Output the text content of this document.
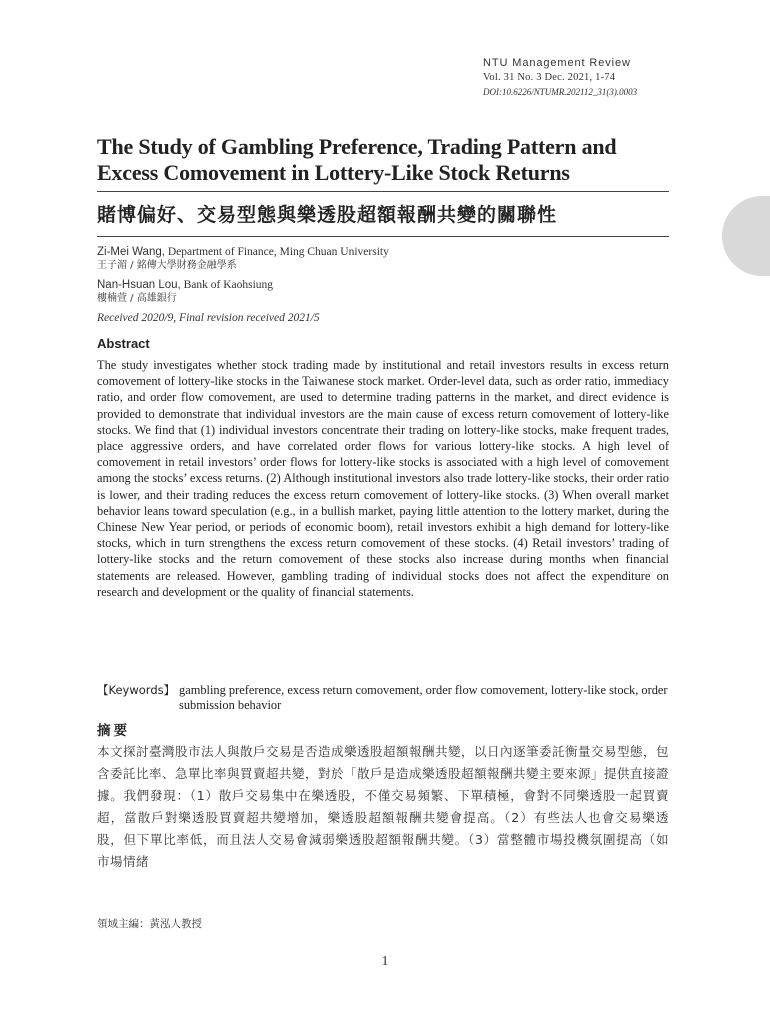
NTU Management Review
Vol. 31 No. 3 Dec. 2021, 1-74
DOI:10.6226/NTUMR.202112_31(3).0003
The Study of Gambling Preference, Trading Pattern and
Excess Comovement in Lottery-Like Stock Returns
賭博偏好、交易型態與樂透股超額報酬共變的關聯性
Zi-Mei Wang, Department of Finance, Ming Chuan University
王子湄 / 銘傳大學財務金融學系
Nan-Hsuan Lou, Bank of Kaohsiung
樓楠萱 / 高雄銀行
Received 2020/9, Final revision received 2021/5
Abstract
The study investigates whether stock trading made by institutional and retail investors results in excess return comovement of lottery-like stocks in the Taiwanese stock market. Order-level data, such as order ratio, immediacy ratio, and order flow comovement, are used to determine trading patterns in the market, and direct evidence is provided to demonstrate that individual investors are the main cause of excess return comovement of lottery-like stocks. We find that (1) individual investors concentrate their trading on lottery-like stocks, make frequent trades, place aggressive orders, and have correlated order flows for various lottery-like stocks. A high level of comovement in retail investors’ order flows for lottery-like stocks is associated with a high level of comovement among the stocks’ excess returns. (2) Although institutional investors also trade lottery-like stocks, their order ratio is lower, and their trading reduces the excess return comovement of lottery-like stocks. (3) When overall market behavior leans toward speculation (e.g., in a bullish market, paying little attention to the lottery market, during the Chinese New Year period, or periods of economic boom), retail investors exhibit a high demand for lottery-like stocks, which in turn strengthens the excess return comovement of these stocks. (4) Retail investors’ trading of lottery-like stocks and the return comovement of these stocks also increase during months when financial statements are released. However, gambling trading of individual stocks does not affect the expenditure on research and development or the quality of financial statements.
【Keywords】 gambling preference, excess return comovement, order flow comovement, lottery-like stock, order submission behavior
摘要
本文探討臺灣股市法人與散戶交易是否造成樂透股超額報酬共變，以日內逐筆委託衡量交易型態，包含委託比率、急單比率與買賣超共變，對於「散戶是造成樂透股超額報酬共變主要來源」提供直接證據。我們發現：（1）散戶交易集中在樂透股，不僅交易頻繁、下單積極，會對不同樂透股一起買賣超，當散戶對樂透股買賣超共變增加，樂透股超額報酬共變會提高。（2）有些法人也會交易樂透股，但下單比率低，而且法人交易會減弱樂透股超額報酬共變。（3）當整體市場投機氛圍提高（如市場情緒
領域主編：黃泓人教授
1
